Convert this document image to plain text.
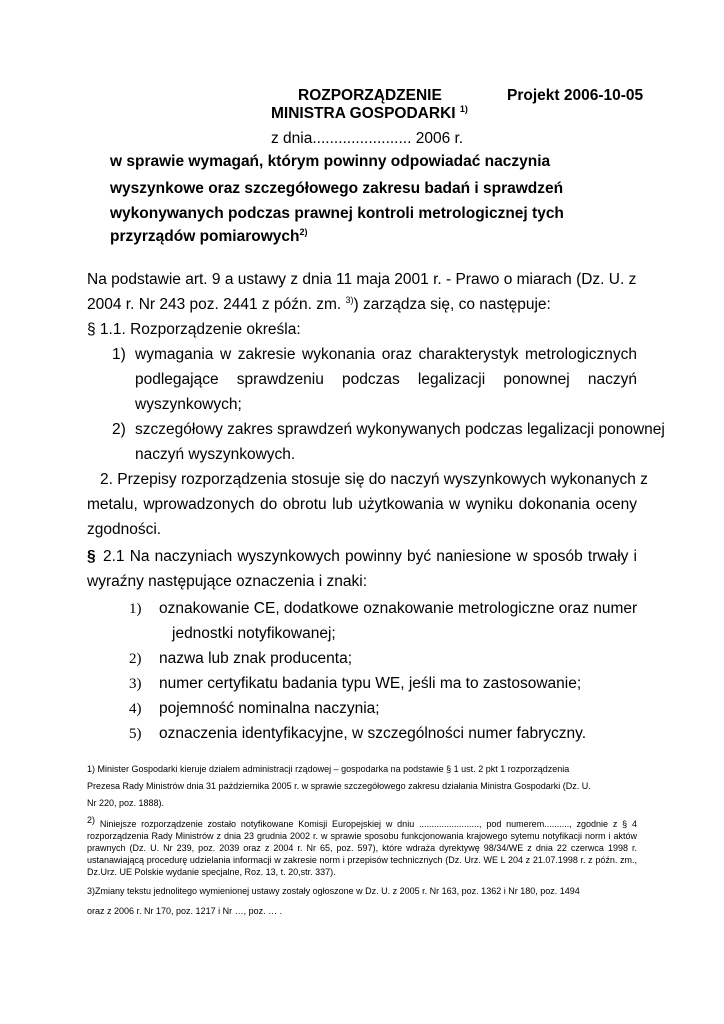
ROZPORZĄDZENIE	Projekt 2006-10-05
MINISTRA GOSPODARKI $^{1)}$
z dnia....................... 2006 r.
w sprawie wymagań, którym powinny odpowiadać naczynia
wyszynkowe oraz szczegółowego zakresu badań i sprawdzeń
wykonywanych podczas prawnej kontroli metrologicznej tych
przyrządów pomiarowych$^{2)}$
Na podstawie art. 9 a ustawy z dnia 11 maja 2001 r. - Prawo o miarach (Dz. U. z
2004 r. Nr 243 poz. 2441 z późn. zm. $^{3)}$) zarządza się, co następuje:
§ 1.1. Rozporządzenie określa:
1) wymagania w zakresie wykonania oraz charakterystyk metrologicznych
podlegające sprawdzeniu podczas legalizacji ponownej naczyń
wyszynkowych;
2) szczegółowy zakres sprawdzeń wykonywanych podczas legalizacji ponownej
naczyń wyszynkowych.
2. Przepisy rozporządzenia stosuje się do naczyń wyszynkowych wykonanych z
metalu, wprowadzonych do obrotu lub użytkowania w wyniku dokonania oceny
zgodności.
§ 2.1 Na naczyniach wyszynkowych powinny być naniesione w sposób trwały i
wyraźny następujące oznaczenia i znaki:
1) oznakowanie CE, dodatkowe oznakowanie metrologiczne oraz numer
jednostki notyfikowanej;
2) nazwa lub znak producenta;
3) numer certyfikatu badania typu WE, jeśli ma to zastosowanie;
4) pojemność nominalna naczynia;
5) oznaczenia identyfikacyjne, w szczególności numer fabryczny.
1) Minister Gospodarki kieruje działem administracji rządowej – gospodarka na podstawie § 1 ust. 2 pkt 1 rozporządzenia
Prezesa Rady Ministrów dnia 31 października 2005 r. w sprawie szczegółowego zakresu działania Ministra Gospodarki (Dz. U.
Nr 220, poz. 1888).
$^{2)}$ Niniejsze rozporządzenie zostało notyfikowane Komisji Europejskiej w dniu ........................, pod numerem.........., zgodnie z § 4 rozporządzenia Rady Ministrów z dnia 23 grudnia 2002 r. w sprawie sposobu funkcjonowania krajowego sytemu notyfikacji norm i aktów prawnych (Dz. U. Nr 239, poz. 2039 oraz z 2004 r. Nr 65, poz. 597), które wdraża dyrektywę 98/34/WE z dnia 22 czerwca 1998 r. ustanawiającą procedurę udzielania informacji w zakresie norm i przepisów technicznych (Dz. Urz. WE L 204 z 21.07.1998 r. z późn. zm., Dz.Urz. UE Polskie wydanie specjalne, Roz. 13, t. 20,str. 337).
3)Zmiany tekstu jednolitego wymienionej ustawy zostały ogłoszone w Dz. U. z 2005 r. Nr 163, poz. 1362 i Nr 180, poz. 1494
oraz z 2006 r. Nr 170, poz. 1217 i Nr …, poz. … .
